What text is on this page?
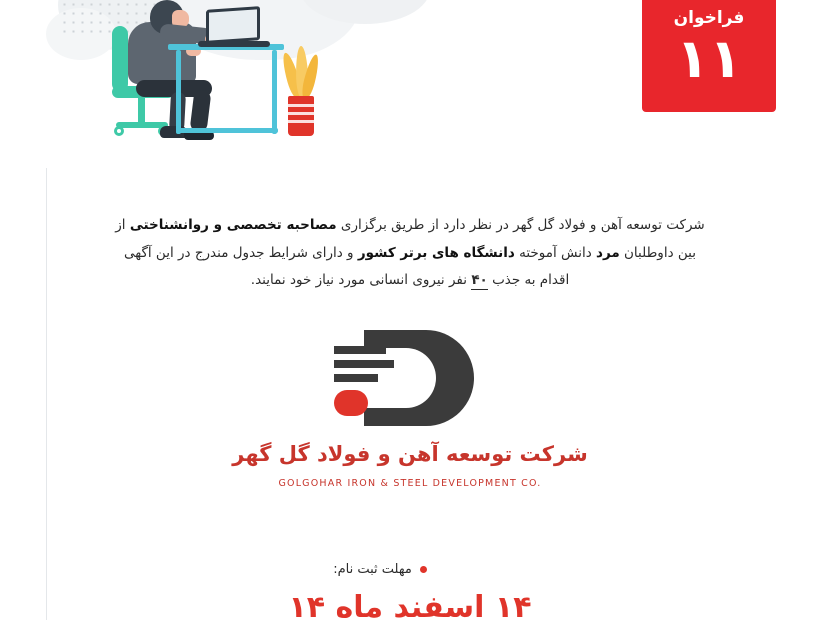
فراخوان
۱۱
شرکت توسعه آهن و فولاد گل گهر در نظر دارد از طریق برگزاری مصاحبه تخصصی و روانشناختی از بین داوطلبان مرد دانش آموخته دانشگاه های برتر کشور و دارای شرایط جدول مندرج در این آگهی اقدام به جذب ۴۰ نفر نیروی انسانی مورد نیاز خود نمایند.
شرکت توسعه آهن و فولاد گل گهر
GOLGOHAR IRON & STEEL DEVELOPMENT CO.
مهلت ثبت نام:
۱۴ اسفند ماه ۱۴
